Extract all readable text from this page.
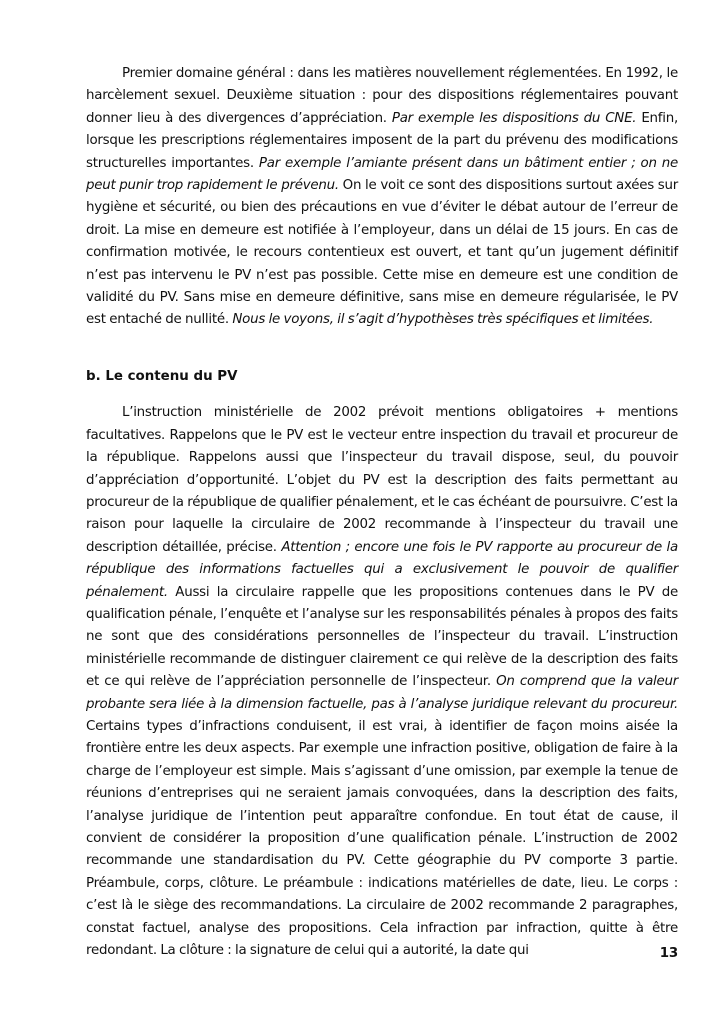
Premier domaine général : dans les matières nouvellement réglementées. En 1992, le harcèlement sexuel. Deuxième situation : pour des dispositions réglementaires pouvant donner lieu à des divergences d’appréciation. Par exemple les dispositions du CNE. Enfin, lorsque les prescriptions réglementaires imposent de la part du prévenu des modifications structurelles importantes. Par exemple l’amiante présent dans un bâtiment entier ; on ne peut punir trop rapidement le prévenu. On le voit ce sont des dispositions surtout axées sur hygiène et sécurité, ou bien des précautions en vue d’éviter le débat autour de l’erreur de droit. La mise en demeure est notifiée à l’employeur, dans un délai de 15 jours. En cas de confirmation motivée, le recours contentieux est ouvert, et tant qu’un jugement définitif n’est pas intervenu le PV n’est pas possible. Cette mise en demeure est une condition de validité du PV. Sans mise en demeure définitive, sans mise en demeure régularisée, le PV est entaché de nullité. Nous le voyons, il s’agit d’hypothèses très spécifiques et limitées.

b. Le contenu du PV

L’instruction ministérielle de 2002 prévoit mentions obligatoires + mentions facultatives. Rappelons que le PV est le vecteur entre inspection du travail et procureur de la république. Rappelons aussi que l’inspecteur du travail dispose, seul, du pouvoir d’appréciation d’opportunité. L’objet du PV est la description des faits permettant au procureur de la république de qualifier pénalement, et le cas échéant de poursuivre. C’est la raison pour laquelle la circulaire de 2002 recommande à l’inspecteur du travail une description détaillée, précise. Attention ; encore une fois le PV rapporte au procureur de la république des informations factuelles qui a exclusivement le pouvoir de qualifier pénalement. Aussi la circulaire rappelle que les propositions contenues dans le PV de qualification pénale, l’enquête et l’analyse sur les responsabilités pénales à propos des faits ne sont que des considérations personnelles de l’inspecteur du travail. L’instruction ministérielle recommande de distinguer clairement ce qui relève de la description des faits et ce qui relève de l’appréciation personnelle de l’inspecteur. On comprend que la valeur probante sera liée à la dimension factuelle, pas à l’analyse juridique relevant du procureur. Certains types d’infractions conduisent, il est vrai, à identifier de façon moins aisée la frontière entre les deux aspects. Par exemple une infraction positive, obligation de faire à la charge de l’employeur est simple. Mais s’agissant d’une omission, par exemple la tenue de réunions d’entreprises qui ne seraient jamais convoquées, dans la description des faits, l’analyse juridique de l’intention peut apparaître confondue. En tout état de cause, il convient de considérer la proposition d’une qualification pénale. L’instruction de 2002 recommande une standardisation du PV. Cette géographie du PV comporte 3 partie. Préambule, corps, clôture. Le préambule : indications matérielles de date, lieu. Le corps : c’est là le siège des recommandations. La circulaire de 2002 recommande 2 paragraphes, constat factuel, analyse des propositions. Cela infraction par infraction, quitte à être redondant. La clôture : la signature de celui qui a autorité, la date qui	13
